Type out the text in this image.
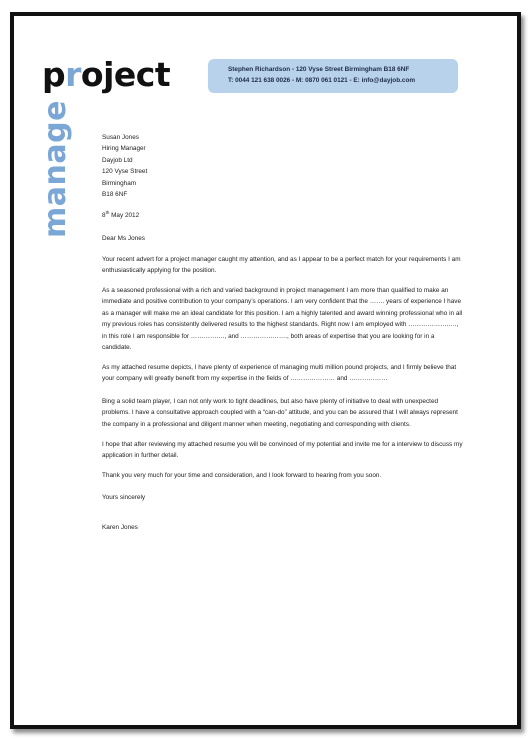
project
manage
Stephen Richardson - 120 Vyse Street Birmingham B18 6NF
T: 0044 121 638 0026 - M: 0870 061 0121 - E: info@dayjob.com
Susan Jones
Hiring Manager
Dayjob Ltd
120 Vyse Street
Birmingham
B18 6NF

8th May 2012

Dear Ms Jones

Your recent advert for a project manager caught my attention, and as I appear to be a perfect match for your requirements I am enthusiastically applying for the position.

As a seasoned professional with a rich and varied background in project management I am more than qualified to make an immediate and positive contribution to your company’s operations. I am very confident that the ……. years of experience I have as a manager will make me an ideal candidate for this position. I am a highly talented and award winning professional who in all my previous roles has consistently delivered results to the highest standards. Right now I am employed with ………………….., in this role I am responsible for ……………., and …………………., both areas of expertise that you are looking for in a candidate.

As my attached resume depicts, I have plenty of experience of managing multi million pound projects, and I firmly believe that your company will greatly benefit from my expertise in the fields of ………………… and ………………

Bing a solid team player, I can not only work to tight deadlines, but also have plenty of initiative to deal with unexpected problems. I have a consultative approach coupled with a “can-do” attitude, and you can be assured that I will always represent the company in a professional and diligent manner when meeting, negotiating and corresponding with clients.

I hope that after reviewing my attached resume you will be convinced of my potential and invite me for a interview to discuss my application in further detail.

Thank you very much for your time and consideration, and I look forward to hearing from you soon.

Yours sincerely

Karen Jones
